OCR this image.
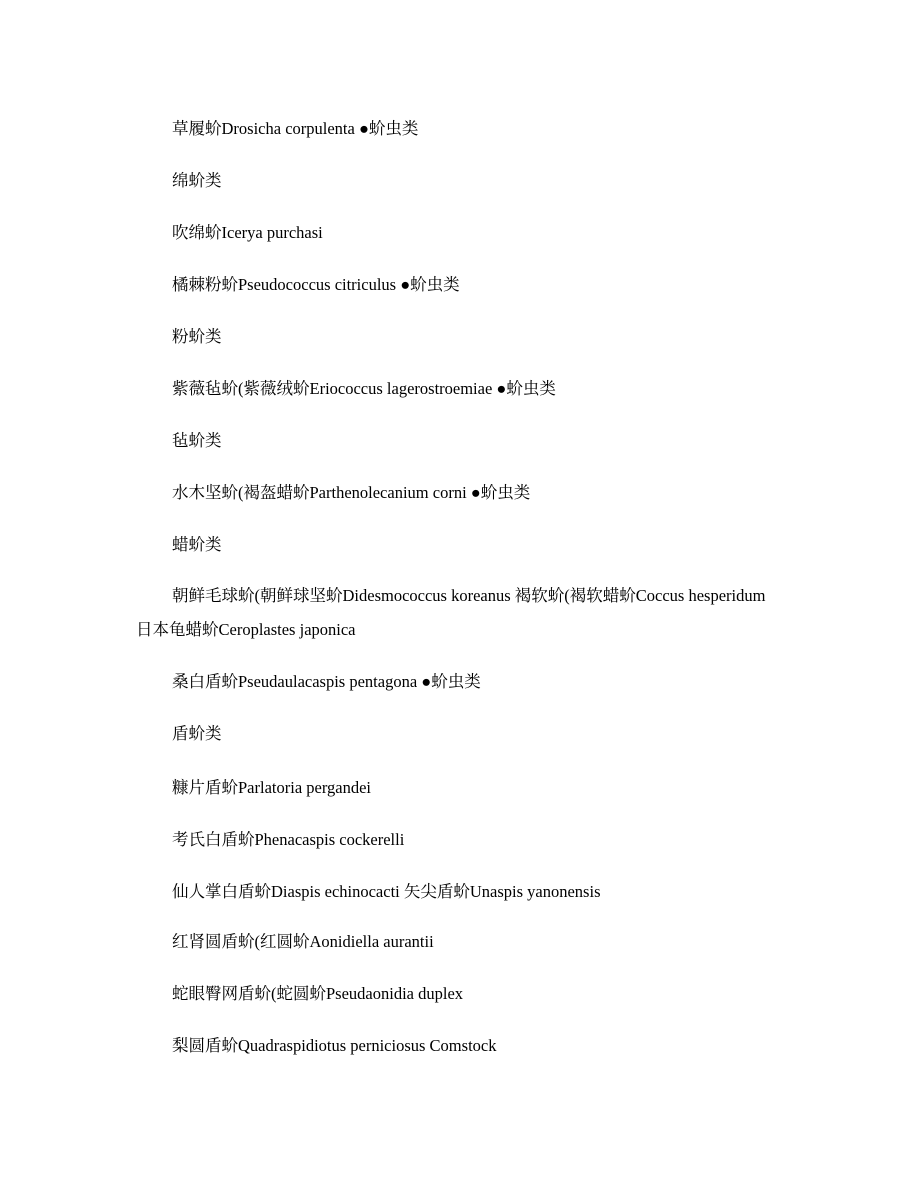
草履蚧Drosicha corpulenta ●蚧虫类
绵蚧类
吹绵蚧Icerya purchasi
橘棘粉蚧Pseudococcus citriculus ●蚧虫类
粉蚧类
紫薇毡蚧(紫薇绒蚧Eriococcus lagerostroemiae ●蚧虫类
毡蚧类
水木坚蚧(褐盔蜡蚧Parthenolecanium corni ●蚧虫类
蜡蚧类
朝鲜毛球蚧(朝鲜球坚蚧Didesmococcus koreanus 褐软蚧(褐软蜡蚧Coccus hesperidum 日本龟蜡蚧Ceroplastes japonica
桑白盾蚧Pseudaulacaspis pentagona ●蚧虫类
盾蚧类
糠片盾蚧Parlatoria pergandei
考氏白盾蚧Phenacaspis cockerelli
仙人掌白盾蚧Diaspis echinocacti 矢尖盾蚧Unaspis yanonensis
红肾圆盾蚧(红圆蚧Aonidiella aurantii
蛇眼臀网盾蚧(蛇圆蚧Pseudaonidia duplex
梨圆盾蚧Quadraspidiotus perniciosus Comstock
